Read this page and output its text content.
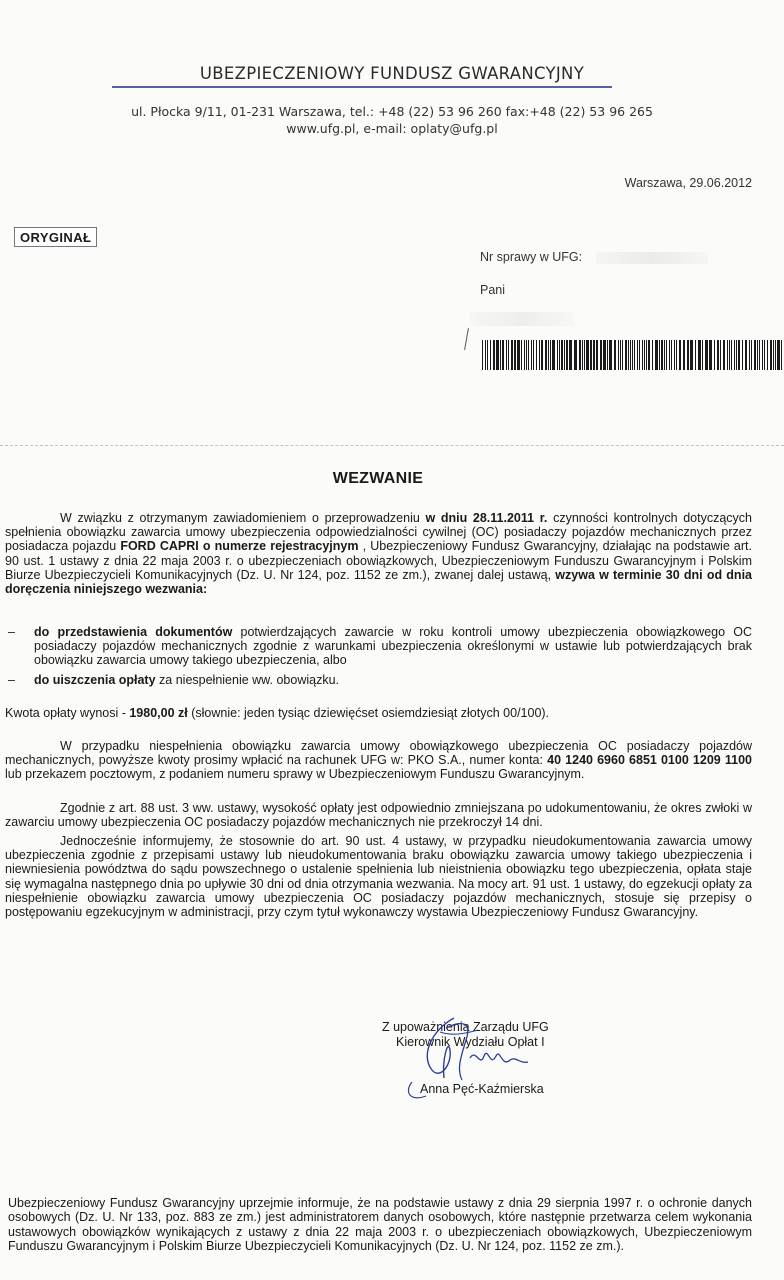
UBEZPIECZENIOWY FUNDUSZ GWARANCYJNY
ul. Płocka 9/11, 01-231 Warszawa, tel.: +48 (22) 53 96 260 fax:+48 (22) 53 96 265
www.ufg.pl, e-mail: oplaty@ufg.pl
Warszawa, 29.06.2012
ORYGINAŁ
Nr sprawy w UFG:
Pani
WEZWANIE
W związku z otrzymanym zawiadomieniem o przeprowadzeniu w dniu 28.11.2011 r. czynności kontrolnych dotyczących spełnienia obowiązku zawarcia umowy ubezpieczenia odpowiedzialności cywilnej (OC) posiadaczy pojazdów mechanicznych przez posiadacza pojazdu FORD CAPRI o numerze rejestracyjnym , Ubezpieczeniowy Fundusz Gwarancyjny, działając na podstawie art. 90 ust. 1 ustawy z dnia 22 maja 2003 r. o ubezpieczeniach obowiązkowych, Ubezpieczeniowym Funduszu Gwarancyjnym i Polskim Biurze Ubezpieczycieli Komunikacyjnych (Dz. U. Nr 124, poz. 1152 ze zm.), zwanej dalej ustawą, wzywa w terminie 30 dni od dnia doręczenia niniejszego wezwania:
– do przedstawienia dokumentów potwierdzających zawarcie w roku kontroli umowy ubezpieczenia obowiązkowego OC posiadaczy pojazdów mechanicznych zgodnie z warunkami ubezpieczenia określonymi w ustawie lub potwierdzających brak obowiązku zawarcia umowy takiego ubezpieczenia, albo
– do uiszczenia opłaty za niespełnienie ww. obowiązku.
Kwota opłaty wynosi - 1980,00 zł (słownie: jeden tysiąc dziewięćset osiemdziesiąt złotych 00/100).
W przypadku niespełnienia obowiązku zawarcia umowy obowiązkowego ubezpieczenia OC posiadaczy pojazdów mechanicznych, powyższe kwoty prosimy wpłacić na rachunek UFG w: PKO S.A., numer konta: 40 1240 6960 6851 0100 1209 1100 lub przekazem pocztowym, z podaniem numeru sprawy w Ubezpieczeniowym Funduszu Gwarancyjnym.
Zgodnie z art. 88 ust. 3 ww. ustawy, wysokość opłaty jest odpowiednio zmniejszana po udokumentowaniu, że okres zwłoki w zawarciu umowy ubezpieczenia OC posiadaczy pojazdów mechanicznych nie przekroczył 14 dni.
Jednocześnie informujemy, że stosownie do art. 90 ust. 4 ustawy, w przypadku nieudokumentowania zawarcia umowy ubezpieczenia zgodnie z przepisami ustawy lub nieudokumentowania braku obowiązku zawarcia umowy takiego ubezpieczenia i niewniesienia powództwa do sądu powszechnego o ustalenie spełnienia lub nieistnienia obowiązku tego ubezpieczenia, opłata staje się wymagalna następnego dnia po upływie 30 dni od dnia otrzymania wezwania. Na mocy art. 91 ust. 1 ustawy, do egzekucji opłaty za niespełnienie obowiązku zawarcia umowy ubezpieczenia OC posiadaczy pojazdów mechanicznych, stosuje się przepisy o postępowaniu egzekucyjnym w administracji, przy czym tytuł wykonawczy wystawia Ubezpieczeniowy Fundusz Gwarancyjny.
Z upoważnienia Zarządu UFG
Kierownik Wydziału Opłat I
Anna Pęć-Kaźmierska
Ubezpieczeniowy Fundusz Gwarancyjny uprzejmie informuje, że na podstawie ustawy z dnia 29 sierpnia 1997 r. o ochronie danych osobowych (Dz. U. Nr 133, poz. 883 ze zm.) jest administratorem danych osobowych, które następnie przetwarza celem wykonania ustawowych obowiązków wynikających z ustawy z dnia 22 maja 2003 r. o ubezpieczeniach obowiązkowych, Ubezpieczeniowym Funduszu Gwarancyjnym i Polskim Biurze Ubezpieczycieli Komunikacyjnych (Dz. U. Nr 124, poz. 1152 ze zm.).
